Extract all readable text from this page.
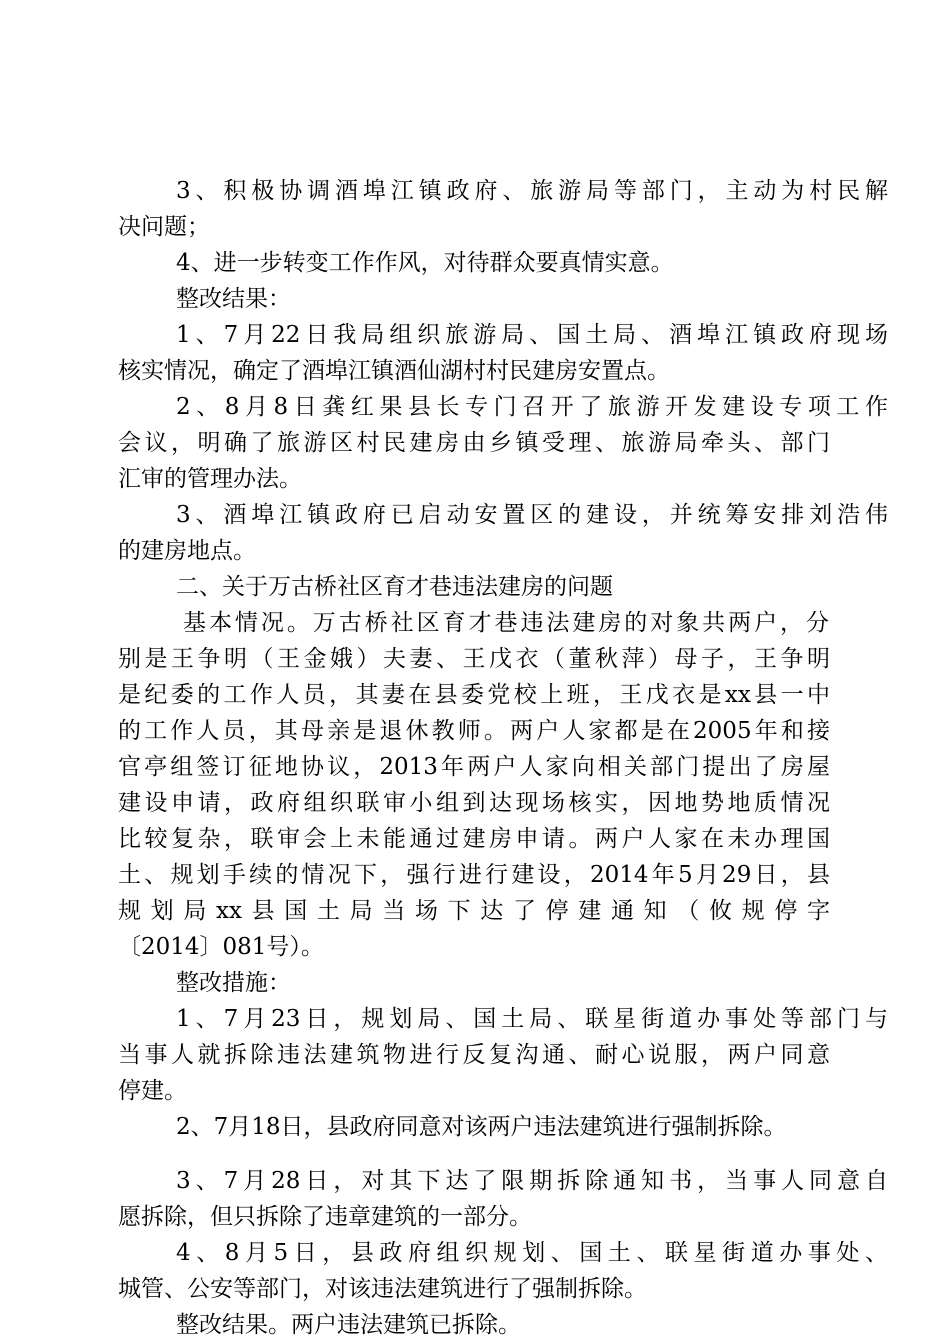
3、积极协调酒埠江镇政府、旅游局等部门，主动为村民解
决问题；
4、进一步转变工作作风，对待群众要真情实意。
整改结果：
1、7月22日我局组织旅游局、国土局、酒埠江镇政府现场
核实情况，确定了酒埠江镇酒仙湖村村民建房安置点。
2、8月8日龚红果县长专门召开了旅游开发建设专项工作
会议，明确了旅游区村民建房由乡镇受理、旅游局牵头、部门
汇审的管理办法。
3、酒埠江镇政府已启动安置区的建设，并统筹安排刘浩伟
的建房地点。
二、关于万古桥社区育才巷违法建房的问题
基本情况。万古桥社区育才巷违法建房的对象共两户，分
别是王争明（王金娥）夫妻、王戊衣（董秋萍）母子，王争明
是纪委的工作人员，其妻在县委党校上班，王戊衣是xx县一中
的工作人员，其母亲是退休教师。两户人家都是在2005年和接
官亭组签订征地协议，2013年两户人家向相关部门提出了房屋
建设申请，政府组织联审小组到达现场核实，因地势地质情况
比较复杂，联审会上未能通过建房申请。两户人家在未办理国
土、规划手续的情况下，强行进行建设，2014年5月29日，县
规划局xx县国土局当场下达了停建通知（攸规停字
〔2014〕081号）。
整改措施：
1、7月23日，规划局、国土局、联星街道办事处等部门与
当事人就拆除违法建筑物进行反复沟通、耐心说服，两户同意
停建。
2、7月18日，县政府同意对该两户违法建筑进行强制拆除。
3、7月28日，对其下达了限期拆除通知书，当事人同意自
愿拆除，但只拆除了违章建筑的一部分。
4、8月5日，县政府组织规划、国土、联星街道办事处、
城管、公安等部门，对该违法建筑进行了强制拆除。
整改结果。两户违法建筑已拆除。
